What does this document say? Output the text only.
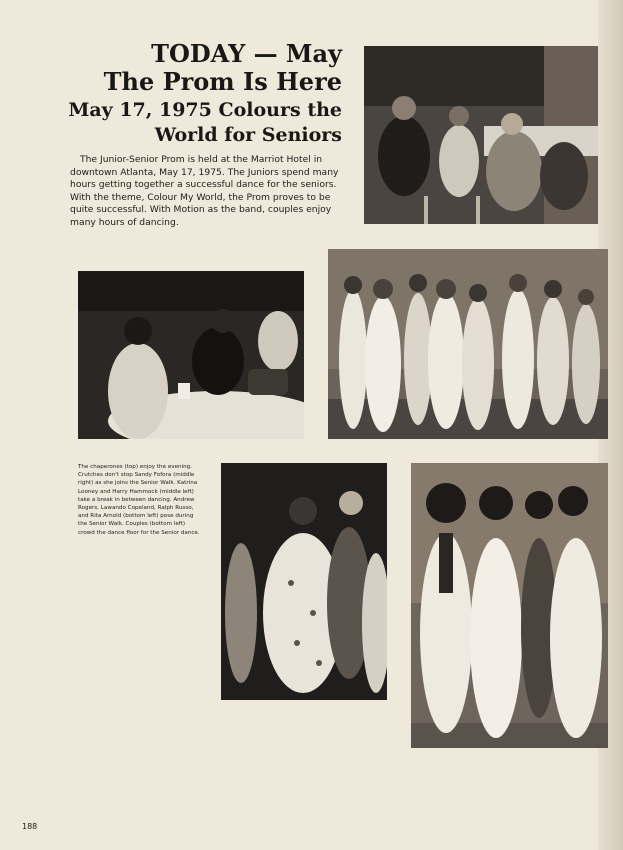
TODAY — May
The Prom Is Here
May 17, 1975 Colours the
World for Seniors

The Junior-Senior Prom is held at the Marriot Hotel in downtown Atlanta, May 17, 1975. The Juniors spend many hours getting together a successful dance for the seniors. With the theme, Colour My World, the Prom proves to be quite successful. With Motion as the band, couples enjoy many hours of dancing.

The chaperones (top) enjoy the evening. Crutches don't stop Sandy Fofora (middle right) as she joins the Senior Walk. Katrina Looney and Harry Hammock (middle left) take a break in between dancing. Andrew Rogers, Lawando Copeland, Ralph Russo, and Rita Arnold (bottom left) pose during the Senior Walk. Couples (bottom left) crowd the dance floor for the Senior dance.

188
